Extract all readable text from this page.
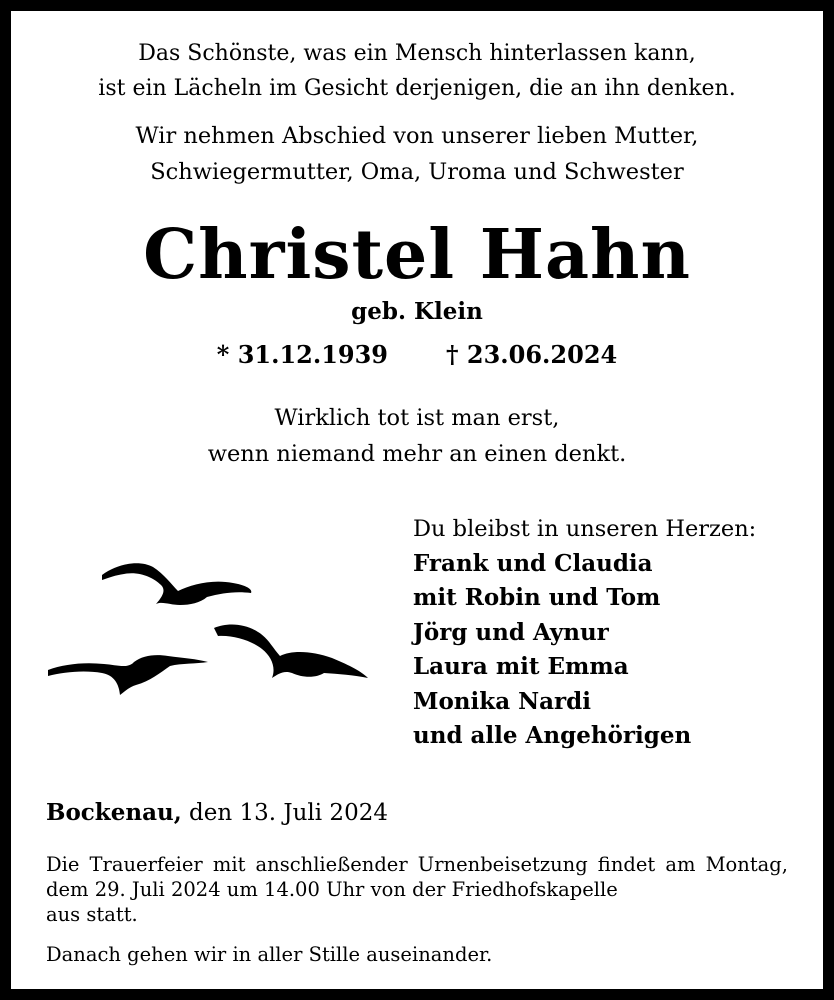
Das Schönste, was ein Mensch hinterlassen kann,
ist ein Lächeln im Gesicht derjenigen, die an ihn denken.
Wir nehmen Abschied von unserer lieben Mutter,
Schwiegermutter, Oma, Uroma und Schwester
Christel Hahn
geb. Klein
* 31.12.1939 † 23.06.2024
Wirklich tot ist man erst,
wenn niemand mehr an einen denkt.
Du bleibst in unseren Herzen:
Frank und Claudia
mit Robin und Tom
Jörg und Aynur
Laura mit Emma
Monika Nardi
und alle Angehörigen
Bockenau, den 13. Juli 2024
Die Trauerfeier mit anschließender Urnenbeisetzung findet am Montag, dem 29. Juli 2024 um 14.00 Uhr von der Friedhofskapelle
aus statt.
Danach gehen wir in aller Stille auseinander.
